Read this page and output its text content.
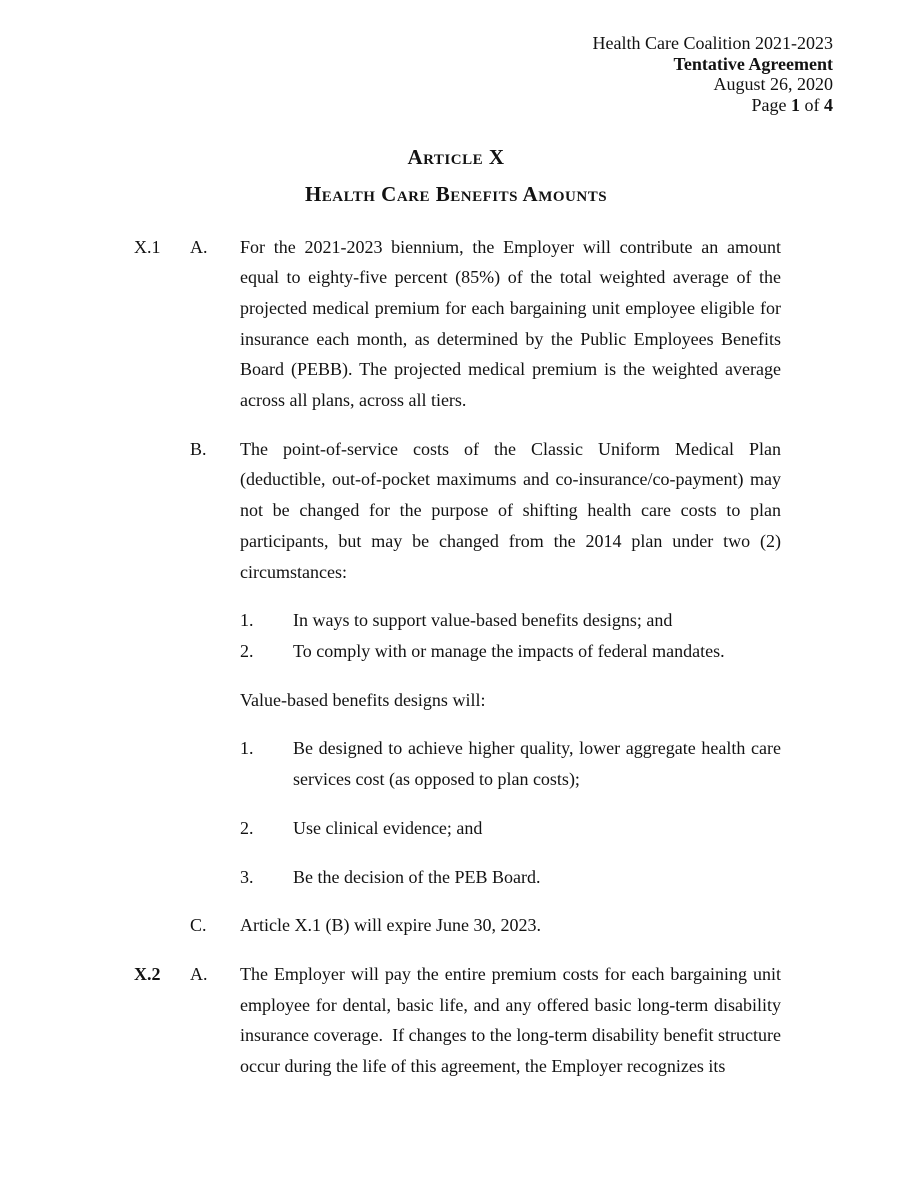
Health Care Coalition 2021-2023
Tentative Agreement
August 26, 2020
Page 1 of 4
Article X
Health Care Benefits Amounts
X.1	A.	For the 2021-2023 biennium, the Employer will contribute an amount equal to eighty-five percent (85%) of the total weighted average of the projected medical premium for each bargaining unit employee eligible for insurance each month, as determined by the Public Employees Benefits Board (PEBB). The projected medical premium is the weighted average across all plans, across all tiers.
B.	The point-of-service costs of the Classic Uniform Medical Plan (deductible, out-of-pocket maximums and co-insurance/co-payment) may not be changed for the purpose of shifting health care costs to plan participants, but may be changed from the 2014 plan under two (2) circumstances:
1.	In ways to support value-based benefits designs; and
2.	To comply with or manage the impacts of federal mandates.
Value-based benefits designs will:
1.	Be designed to achieve higher quality, lower aggregate health care services cost (as opposed to plan costs);
2.	Use clinical evidence; and
3.	Be the decision of the PEB Board.
C.	Article X.1 (B) will expire June 30, 2023.
X.2	A.	The Employer will pay the entire premium costs for each bargaining unit employee for dental, basic life, and any offered basic long-term disability insurance coverage.  If changes to the long-term disability benefit structure occur during the life of this agreement, the Employer recognizes its
